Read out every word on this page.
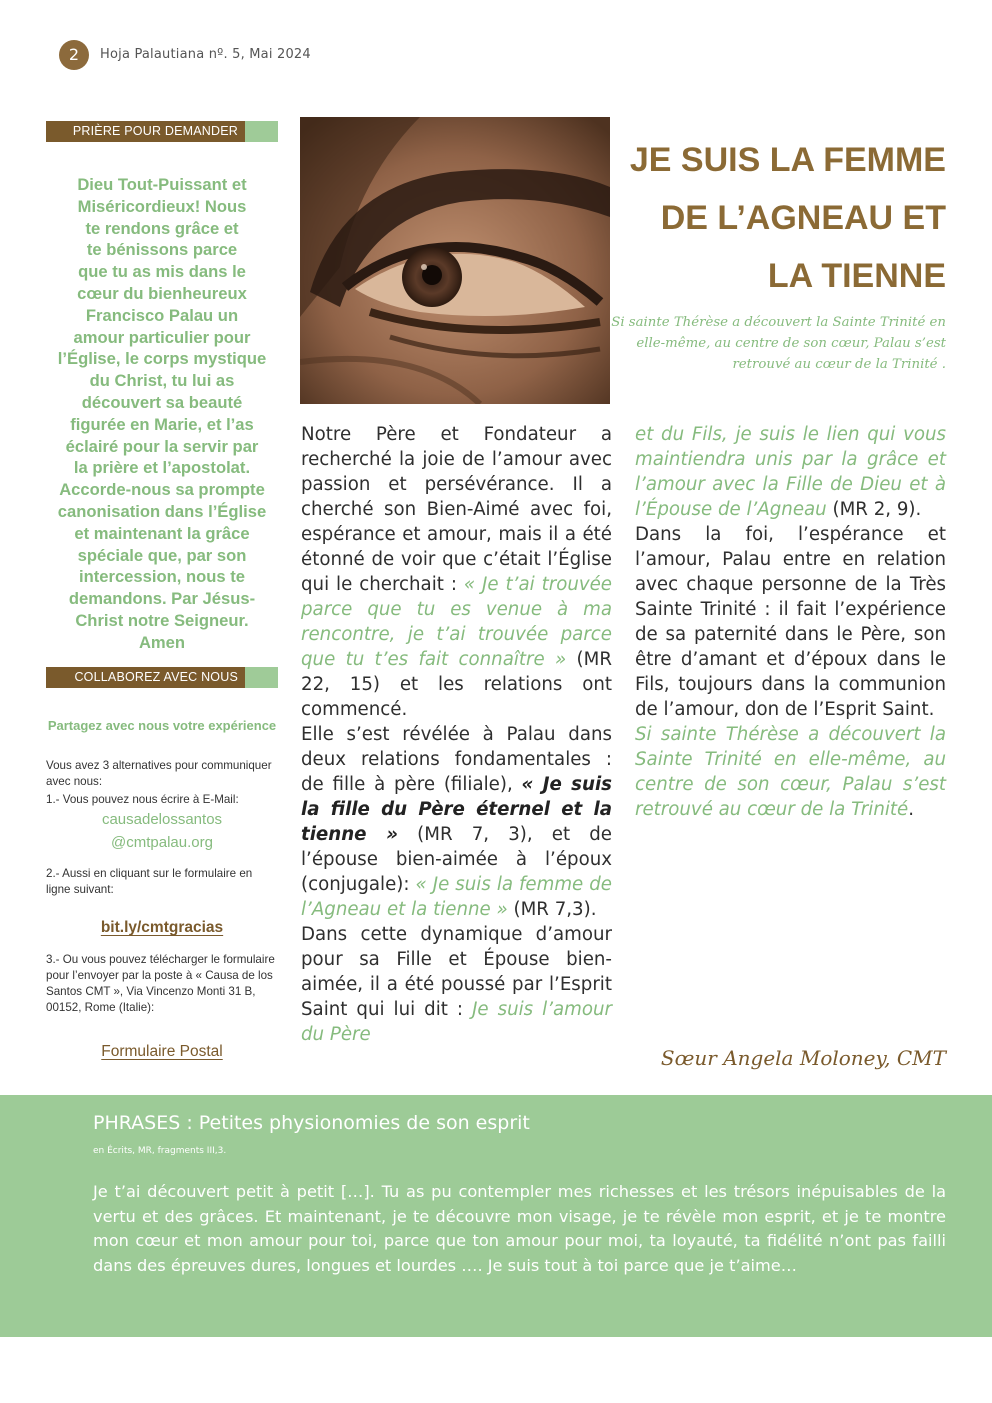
2	Hoja Palautiana nº. 5, Mai 2024
PRIÈRE POUR DEMANDER
Dieu Tout-Puissant et
Miséricordieux! Nous
te rendons grâce et
te bénissons parce
que tu as mis dans le
cœur du bienheureux
Francisco Palau un
amour particulier pour
l’Église, le corps mystique
du Christ, tu lui as
découvert sa beauté
figurée en Marie, et l’as
éclairé pour la servir par
la prière et l’apostolat.
Accorde-nous sa prompte
canonisation dans l’Église
et maintenant la grâce
spéciale que, par son
intercession, nous te
demandons. Par Jésus-
Christ notre Seigneur.
Amen
COLLABOREZ AVEC NOUS
Partagez avec nous votre expérience
Vous avez 3 alternatives pour communiquer avec nous:
1.- Vous pouvez nous écrire à E-Mail:
causadelossantos
@cmtpalau.org
2.- Aussi en cliquant sur le formulaire en ligne suivant:
bit.ly/cmtgracias
3.- Ou vous pouvez télécharger le formulaire pour l’envoyer par la poste à « Causa de los Santos CMT », Via Vincenzo Monti 31 B, 00152, Rome (Italie):
Formulaire Postal
JE SUIS LA FEMME
DE L’AGNEAU ET
LA TIENNE
Si sainte Thérèse a découvert la Sainte Trinité en elle-même, au centre de son cœur, Palau s’est retrouvé au cœur de la Trinité .

Notre Père et Fondateur a recherché la joie de l’amour avec passion et persévérance. Il a cherché son Bien-Aimé avec foi, espérance et amour, mais il a été étonné de voir que c’était l’Église qui le cherchait : « Je t’ai trouvée parce que tu es venue à ma rencontre, je t’ai trouvée parce que tu t’es fait connaître » (MR 22, 15) et les relations ont commencé.

Elle s’est révélée à Palau dans deux relations fondamentales : de fille à père (filiale), « Je suis la fille du Père éternel et la tienne » (MR 7, 3), et de l’épouse bien-aimée à l’époux (conjugale): « Je suis la femme de l’Agneau et la tienne » (MR 7,3).

Dans cette dynamique d’amour pour sa Fille et Épouse bien-aimée, il a été poussé par l’Esprit Saint qui lui dit : Je suis l’amour du Père

et du Fils, je suis le lien qui vous maintiendra unis par la grâce et l’amour avec la Fille de Dieu et à l’Épouse de l’Agneau (MR 2, 9).

Dans la foi, l’espérance et l’amour, Palau entre en relation avec chaque personne de la Très Sainte Trinité : il fait l’expérience de sa paternité dans le Père, son être d’amant et d’époux dans le Fils, toujours dans la communion de l’amour, don de l’Esprit Saint.

Si sainte Thérèse a découvert la Sainte Trinité en elle-même, au centre de son cœur, Palau s’est retrouvé au cœur de la Trinité.

Sœur Angela Moloney, CMT
PHRASES : Petites physionomies de son esprit
en Écrits, MR, fragments III,3.
Je t’ai découvert petit à petit […]. Tu as pu contempler mes richesses et les trésors inépuisables de la vertu et des grâces. Et maintenant, je te découvre mon visage, je te révèle mon esprit, et je te montre mon cœur et mon amour pour toi, parce que ton amour pour moi, ta loyauté, ta fidélité n’ont pas failli dans des épreuves dures, longues et lourdes …. Je suis tout à toi parce que je t’aime…
